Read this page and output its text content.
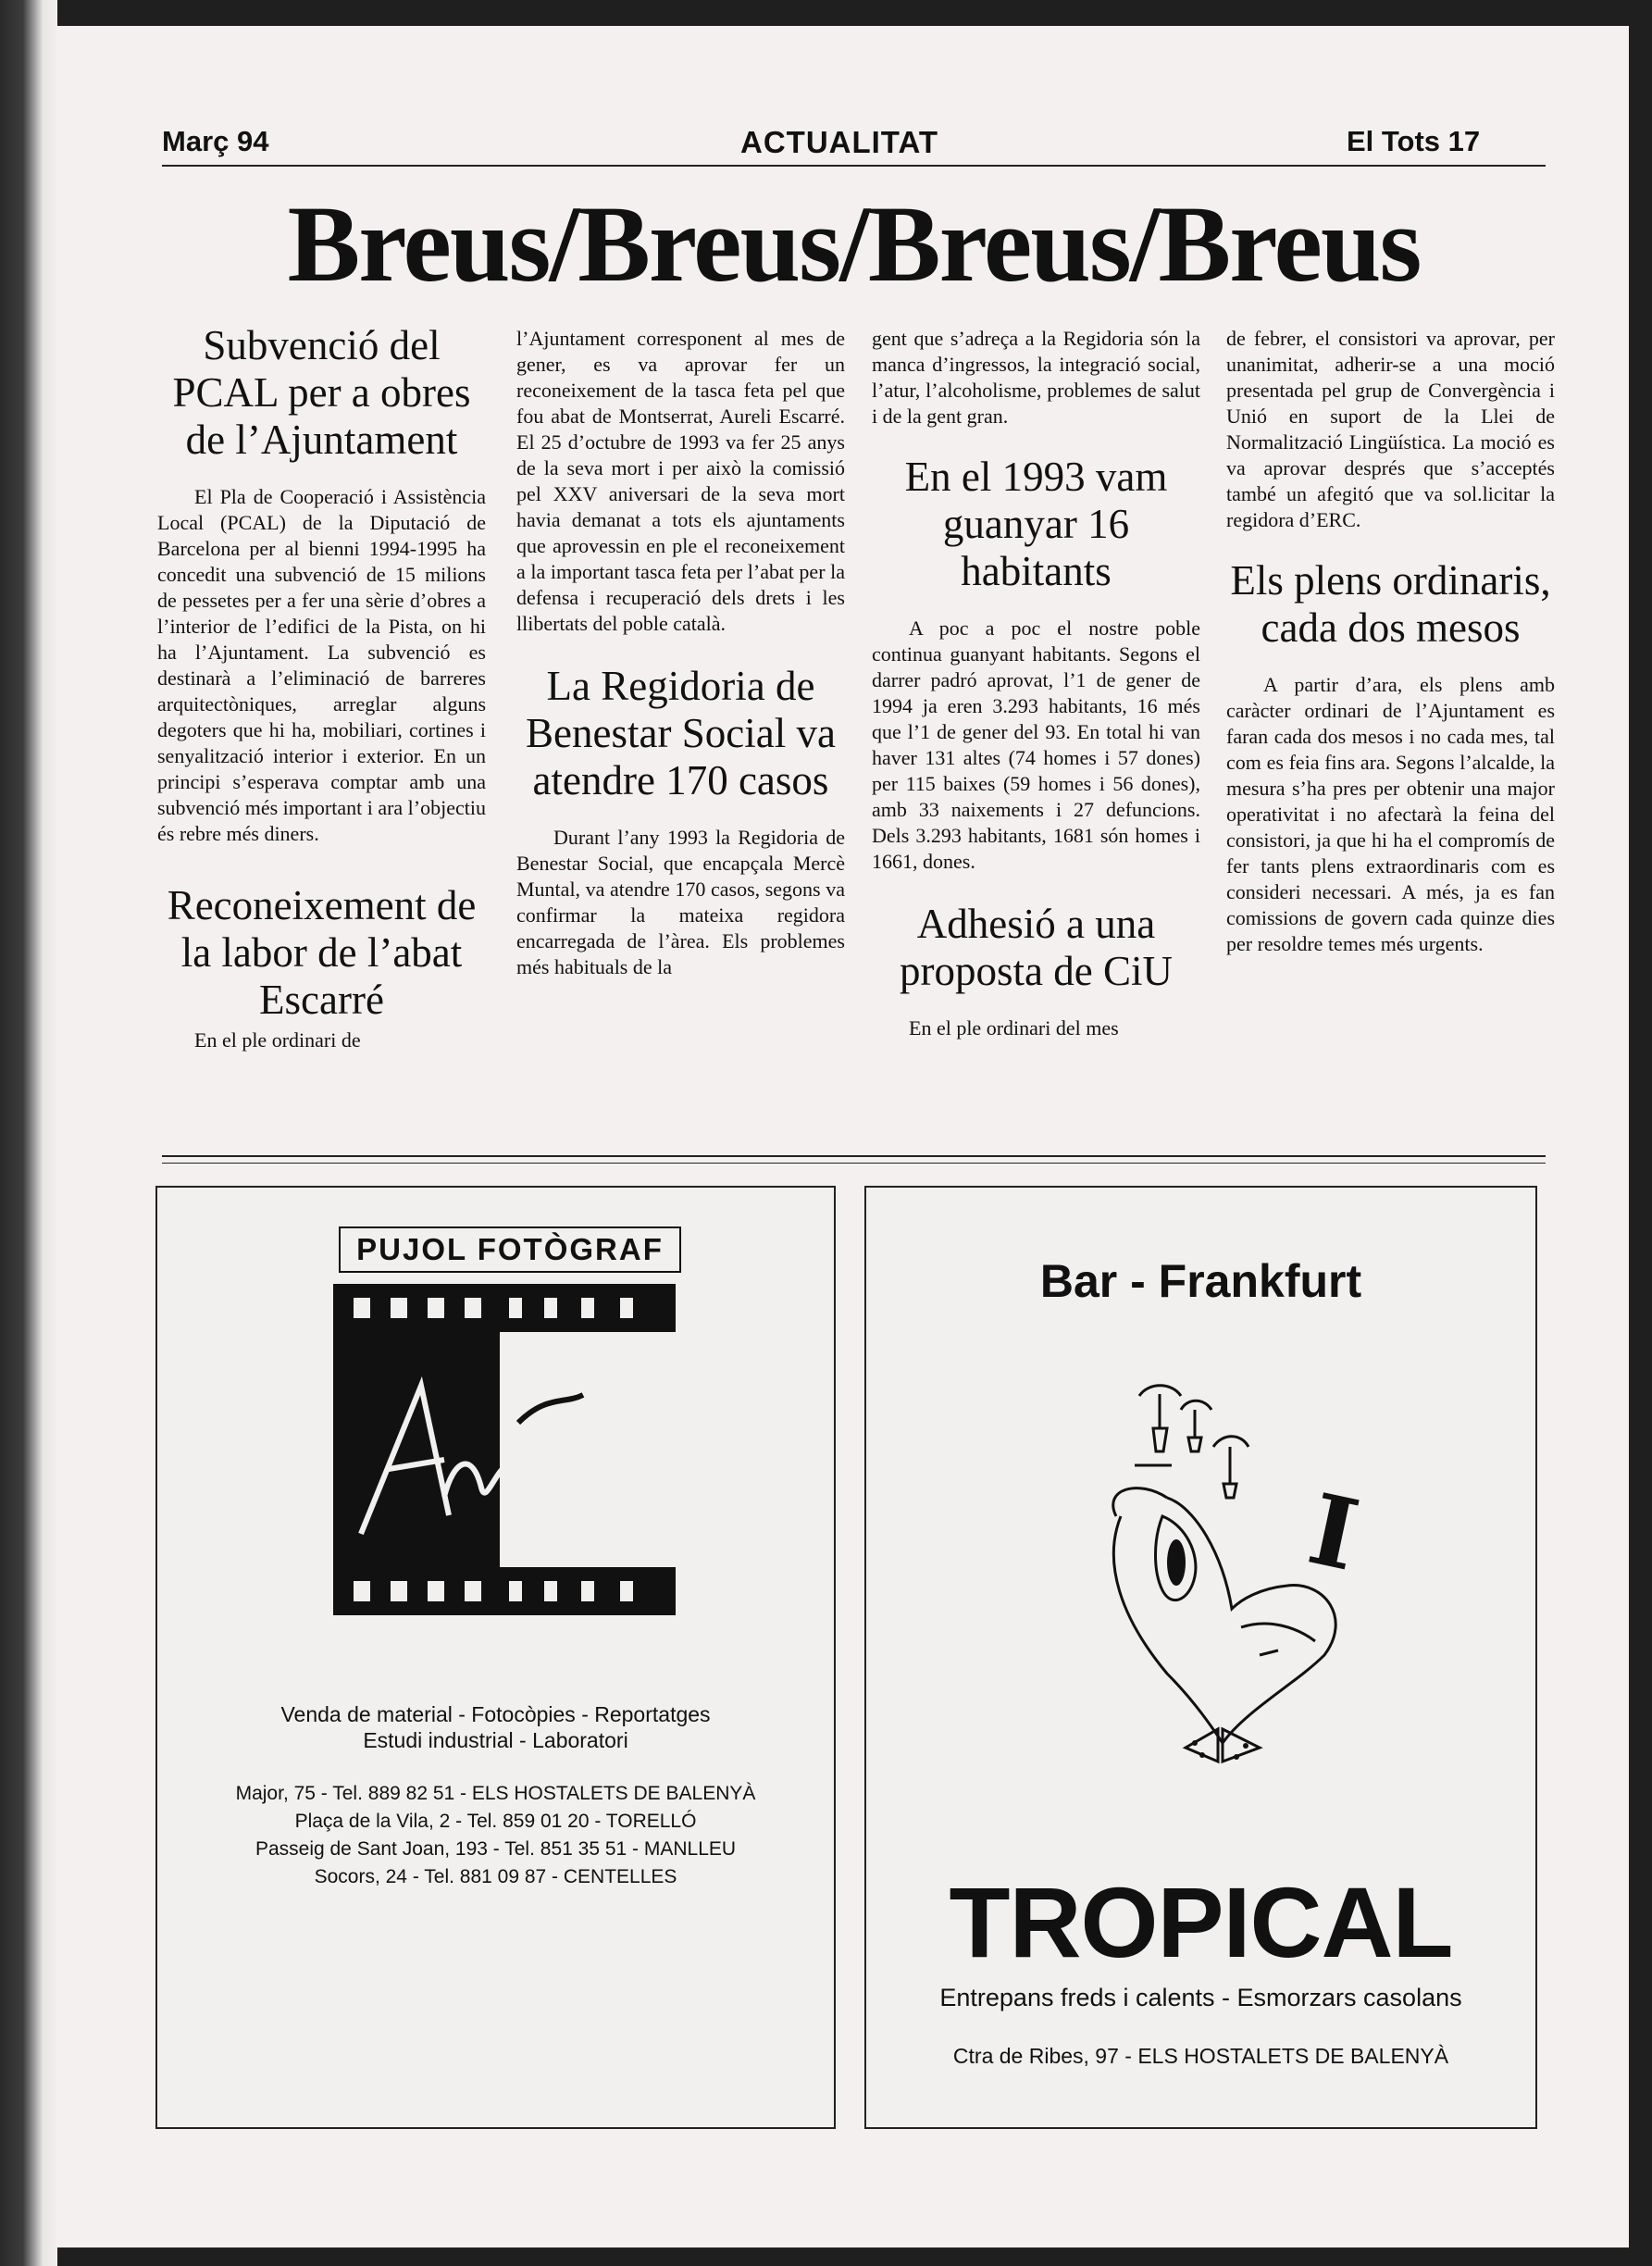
Març 94	ACTUALITAT	El Tots 17
Breus/Breus/Breus/Breus
Subvenció del PCAL per a obres de l’Ajuntament

El Pla de Cooperació i Assistència Local (PCAL) de la Diputació de Barcelona per al bienni 1994-1995 ha concedit una subvenció de 15 milions de pessetes per a fer una sèrie d’obres a l’interior de l’edifici de la Pista, on hi ha l’Ajuntament. La subvenció es destinarà a l’eliminació de barreres arquitectòniques, arreglar alguns degoters que hi ha, mobiliari, cortines i senyalització interior i exterior. En un principi s’esperava comptar amb una subvenció més important i ara l’objectiu és rebre més diners.

Reconeixement de la labor de l’abat Escarré

En el ple ordinari de

l’Ajuntament corresponent al mes de gener, es va aprovar fer un reconeixement de la tasca feta pel que fou abat de Montserrat, Aureli Escarré. El 25 d’octubre de 1993 va fer 25 anys de la seva mort i per això la comissió pel XXV aniversari de la seva mort havia demanat a tots els ajuntaments que aprovessin en ple el reconeixement a la important tasca feta per l’abat per la defensa i recuperació dels drets i les llibertats del poble català.

La Regidoria de Benestar Social va atendre 170 casos

Durant l’any 1993 la Regidoria de Benestar Social, que encapçala Mercè Muntal, va atendre 170 casos, segons va confirmar la mateixa regidora encarregada de l’àrea. Els problemes més habituals de la

gent que s’adreça a la Regidoria són la manca d’ingressos, la integració social, l’atur, l’alcoholisme, problemes de salut i de la gent gran.

En el 1993 vam guanyar 16 habitants

A poc a poc el nostre poble continua guanyant habitants. Segons el darrer padró aprovat, l’1 de gener de 1994 ja eren 3.293 habitants, 16 més que l’1 de gener del 93. En total hi van haver 131 altes (74 homes i 57 dones) per 115 baixes (59 homes i 56 dones), amb 33 naixements i 27 defuncions. Dels 3.293 habitants, 1681 són homes i 1661, dones.

Adhesió a una proposta de CiU

En el ple ordinari del mes

de febrer, el consistori va aprovar, per unanimitat, adherir-se a una moció presentada pel grup de Convergència i Unió en suport de la Llei de Normalització Lingüística. La moció es va aprovar després que s’acceptés també un afegitó que va sol.licitar la regidora d’ERC.

Els plens ordinaris, cada dos mesos

A partir d’ara, els plens amb caràcter ordinari de l’Ajuntament es faran cada dos mesos i no cada mes, tal com es feia fins ara. Segons l’alcalde, la mesura s’ha pres per obtenir una major operativitat i no afectarà la feina del consistori, ja que hi ha el compromís de fer tants plens extraordinaris com es consideri necessari. A més, ja es fan comissions de govern cada quinze dies per resoldre temes més urgents.

PUJOL FOTÒGRAF
Venda de material - Fotocòpies - Reportatges
Estudi industrial - Laboratori
Major, 75 - Tel. 889 82 51 - ELS HOSTALETS DE BALENYÀ
Plaça de la Vila, 2 - Tel. 859 01 20 - TORELLÓ
Passeig de Sant Joan, 193 - Tel. 851 35 51 - MANLLEU
Socors, 24 - Tel. 881 09 87 - CENTELLES
Bar - Frankfurt
I
TROPICAL
Entrepans freds i calents - Esmorzars casolans
Ctra de Ribes, 97 - ELS HOSTALETS DE BALENYÀ
